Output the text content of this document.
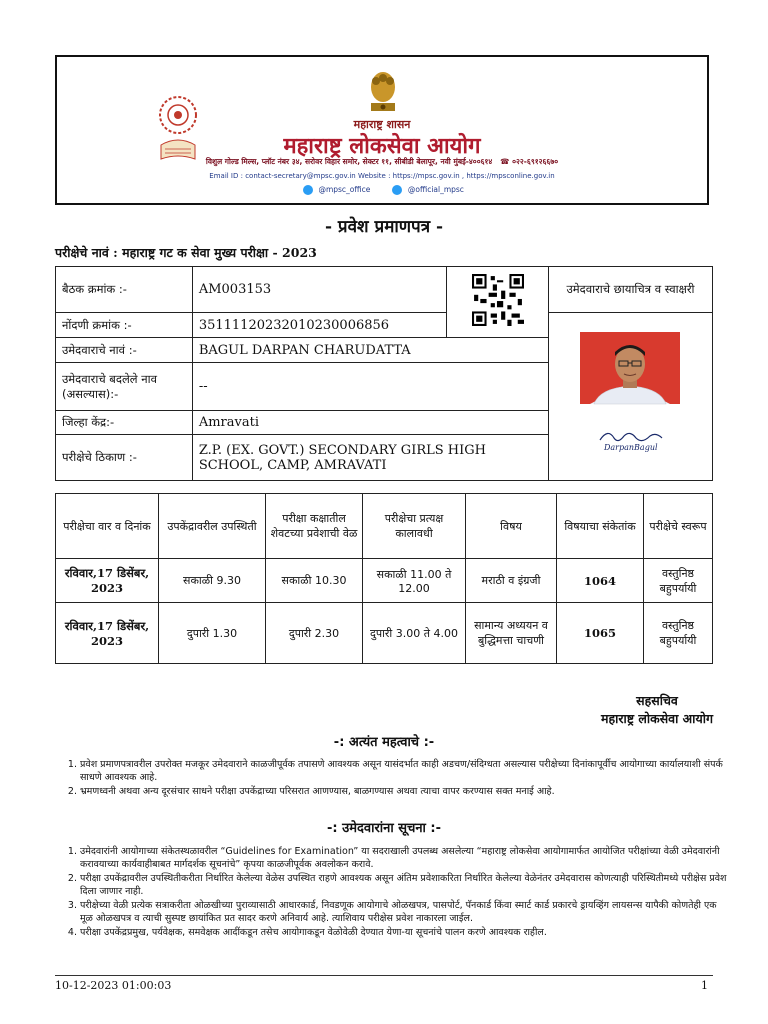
महाराष्ट्र शासन
महाराष्ट्र लोकसेवा आयोग
विशुल गोल्ड मिल्स, प्लॉट नंबर ३४, सरोवर विहार समोर, सेक्टर ११, सीबीडी बेलापूर, नवी मुंबई-४००६१४ ☎ ०२२-६९१२६६७०
Email ID : contact-secretary@mpsc.gov.in Website : https://mpsc.gov.in , https://mpsconline.gov.in
@mpsc_office	@official_mpsc
- प्रवेश प्रमाणपत्र -
परीक्षेचे नावं : महाराष्ट्र गट क सेवा मुख्य परीक्षा - 2023
बैठक क्रमांक :-	AM003153		उमेदवाराचे छायाचित्र व स्वाक्षरी
नोंदणी क्रमांक :-	35111120232010230006856		DarpanBagul

उमेदवाराचे नावं :-	BAGUL DARPAN CHARUDATTA		
उमेदवाराचे बदलेले नाव (असल्यास):-	--		
जिल्हा केंद्र:-	Amravati		
परीक्षेचे ठिकाण :-	Z.P. (EX. GOVT.) SECONDARY GIRLS HIGH SCHOOL, CAMP, AMRAVATI		
परीक्षेचा वार व दिनांक	उपकेंद्रावरील उपस्थिती	परीक्षा कक्षातील शेवटच्या प्रवेशाची वेळ	परीक्षेचा प्रत्यक्ष कालावधी	विषय	विषयाचा संकेतांक	परीक्षेचे स्वरूप
रविवार,17 डिसेंबर, 2023	सकाळी 9.30	सकाळी 10.30	सकाळी 11.00 ते 12.00	मराठी व इंग्रजी	1064	वस्तुनिष्ठ बहुपर्यायी
रविवार,17 डिसेंबर, 2023	दुपारी 1.30	दुपारी 2.30	दुपारी 3.00 ते 4.00	सामान्य अध्ययन व बुद्धिमत्ता चाचणी	1065	वस्तुनिष्ठ बहुपर्यायी
सहसचिव
महाराष्ट्र लोकसेवा आयोग
-: अत्यंत महत्वाचे :-
1. प्रवेश प्रमाणपत्रावरील उपरोक्त मजकूर उमेदवाराने काळजीपूर्वक तपासणे आवश्यक असून यासंदर्भात काही अडचण/संदिग्धता असल्यास परीक्षेच्या दिनांकापूर्वीच आयोगाच्या कार्यालयाशी संपर्क साधणे आवश्यक आहे.
2. भ्रमणध्वनी अथवा अन्य दूरसंचार साधने परीक्षा उपकेंद्राच्या परिसरात आणण्यास, बाळगण्यास अथवा त्याचा वापर करण्यास सक्त मनाई आहे.
-: उमेदवारांना सूचना :-
1. उमेदवारांनी आयोगाच्या संकेतस्थळावरील “Guidelines for Examination” या सदराखाली उपलब्ध असलेल्या “महाराष्ट्र लोकसेवा आयोगामार्फत आयोजित परीक्षांच्या वेळी उमेदवारांनी करावयाच्या कार्यवाहीबाबत मार्गदर्शक सूचनांचे” कृपया काळजीपूर्वक अवलोकन करावे.
2. परीक्षा उपकेंद्रावरील उपस्थितीकरीता निर्धारित केलेल्या वेळेस उपस्थित राहणे आवश्यक असून अंतिम प्रवेशाकरिता निर्धारित केलेल्या वेळेनंतर उमेदवारास कोणत्याही परिस्थितीमध्ये परीक्षेस प्रवेश दिला जाणार नाही.
3. परीक्षेच्या वेळी प्रत्येक सत्राकरीता ओळखीच्या पुराव्यासाठी आधारकार्ड, निवडणूक आयोगाचे ओळखपत्र, पासपोर्ट, पॅनकार्ड किंवा स्मार्ट कार्ड प्रकारचे ड्रायव्हिंग लायसन्स यापैकी कोणतेही एक मूळ ओळखपत्र व त्याची सुस्पष्ट छायांकित प्रत सादर करणे अनिवार्य आहे. त्याशिवाय परीक्षेस प्रवेश नाकारला जाईल.
4. परीक्षा उपकेंद्रप्रमुख, पर्यवेक्षक, समवेक्षक आदींकडून तसेच आयोगाकडून वेळोवेळी देण्यात येणा-या सूचनांचे पालन करणे आवश्यक राहील.
10-12-2023 01:00:03	1
